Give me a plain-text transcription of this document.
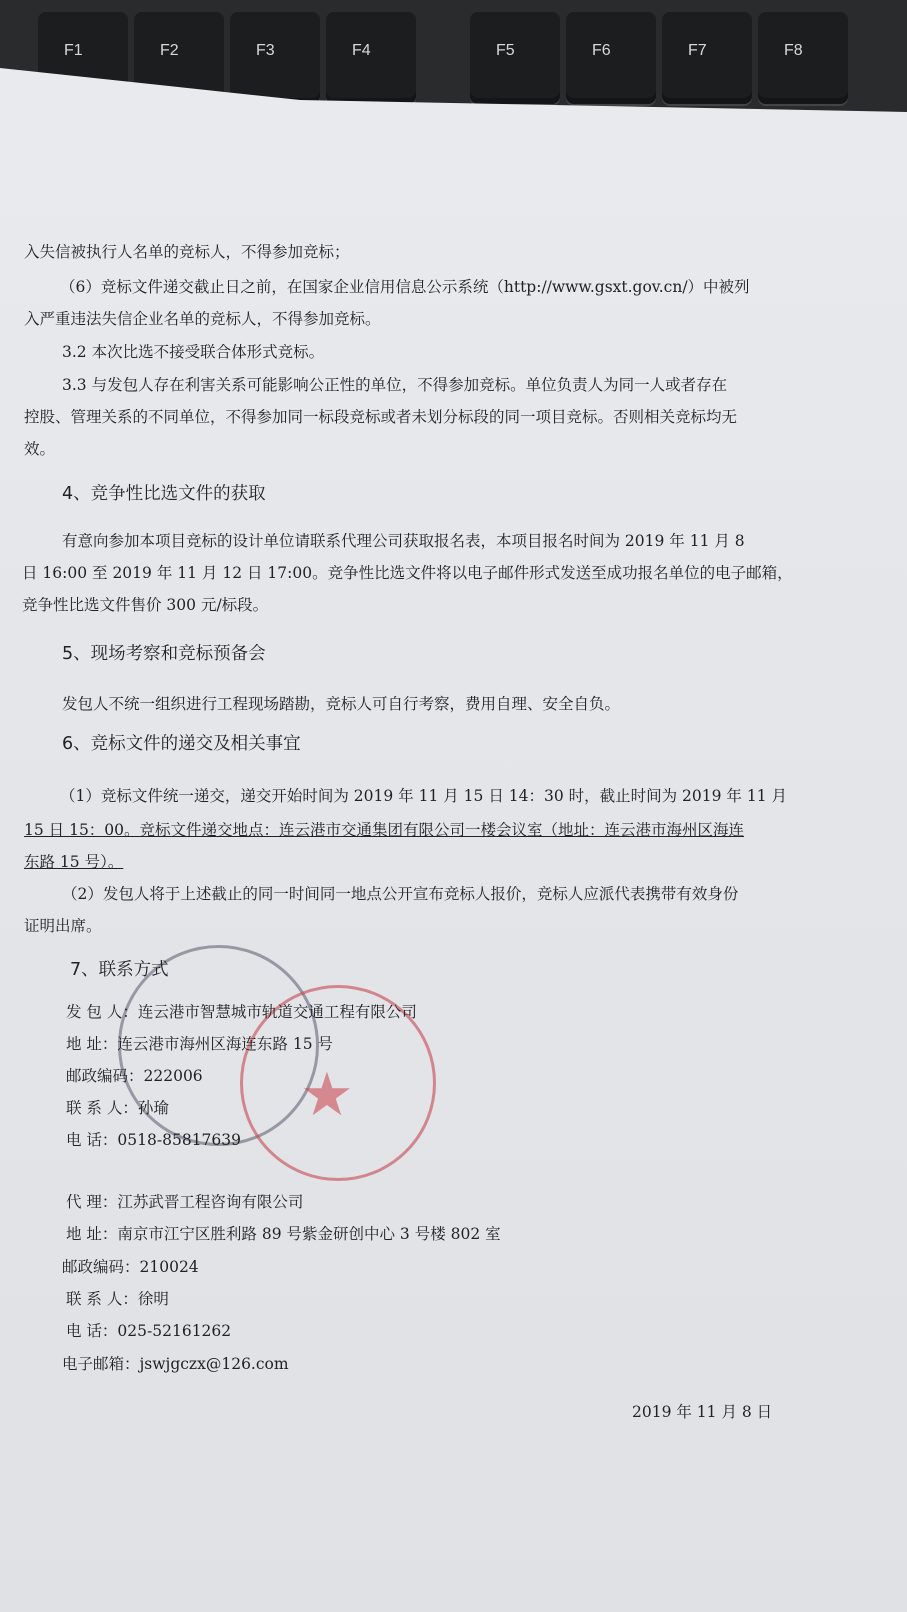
F1	F2	F3	F4	F5	F6	F7	F8
★
入失信被执行人名单的竞标人，不得参加竞标；
（6）竞标文件递交截止日之前，在国家企业信用信息公示系统（http://www.gsxt.gov.cn/）中被列
入严重违法失信企业名单的竞标人，不得参加竞标。
3.2 本次比选不接受联合体形式竞标。
3.3 与发包人存在利害关系可能影响公正性的单位，不得参加竞标。单位负责人为同一人或者存在
控股、管理关系的不同单位，不得参加同一标段竞标或者未划分标段的同一项目竞标。否则相关竞标均无
效。
4、竞争性比选文件的获取
有意向参加本项目竞标的设计单位请联系代理公司获取报名表，本项目报名时间为 2019 年 11 月 8
日 16:00 至 2019 年 11 月 12 日 17:00。竞争性比选文件将以电子邮件形式发送至成功报名单位的电子邮箱，
竞争性比选文件售价 300 元/标段。
5、现场考察和竞标预备会
发包人不统一组织进行工程现场踏勘，竞标人可自行考察，费用自理、安全自负。
6、竞标文件的递交及相关事宜
（1）竞标文件统一递交，递交开始时间为 2019 年 11 月 15 日 14：30 时，截止时间为 2019 年 11 月
15 日 15：00。竞标文件递交地点：连云港市交通集团有限公司一楼会议室（地址：连云港市海州区海连
东路 15 号）。
（2）发包人将于上述截止的同一时间同一地点公开宣布竞标人报价，竞标人应派代表携带有效身份
证明出席。
7、联系方式
发 包 人：连云港市智慧城市轨道交通工程有限公司
地 址：连云港市海州区海连东路 15 号
邮政编码：222006
联 系 人：孙瑜
电 话：0518-85817639
代 理：江苏武晋工程咨询有限公司
地 址：南京市江宁区胜利路 89 号紫金研创中心 3 号楼 802 室
邮政编码：210024
联 系 人：徐明
电 话：025-52161262
电子邮箱：jswjgczx@126.com
2019 年 11 月 8 日
